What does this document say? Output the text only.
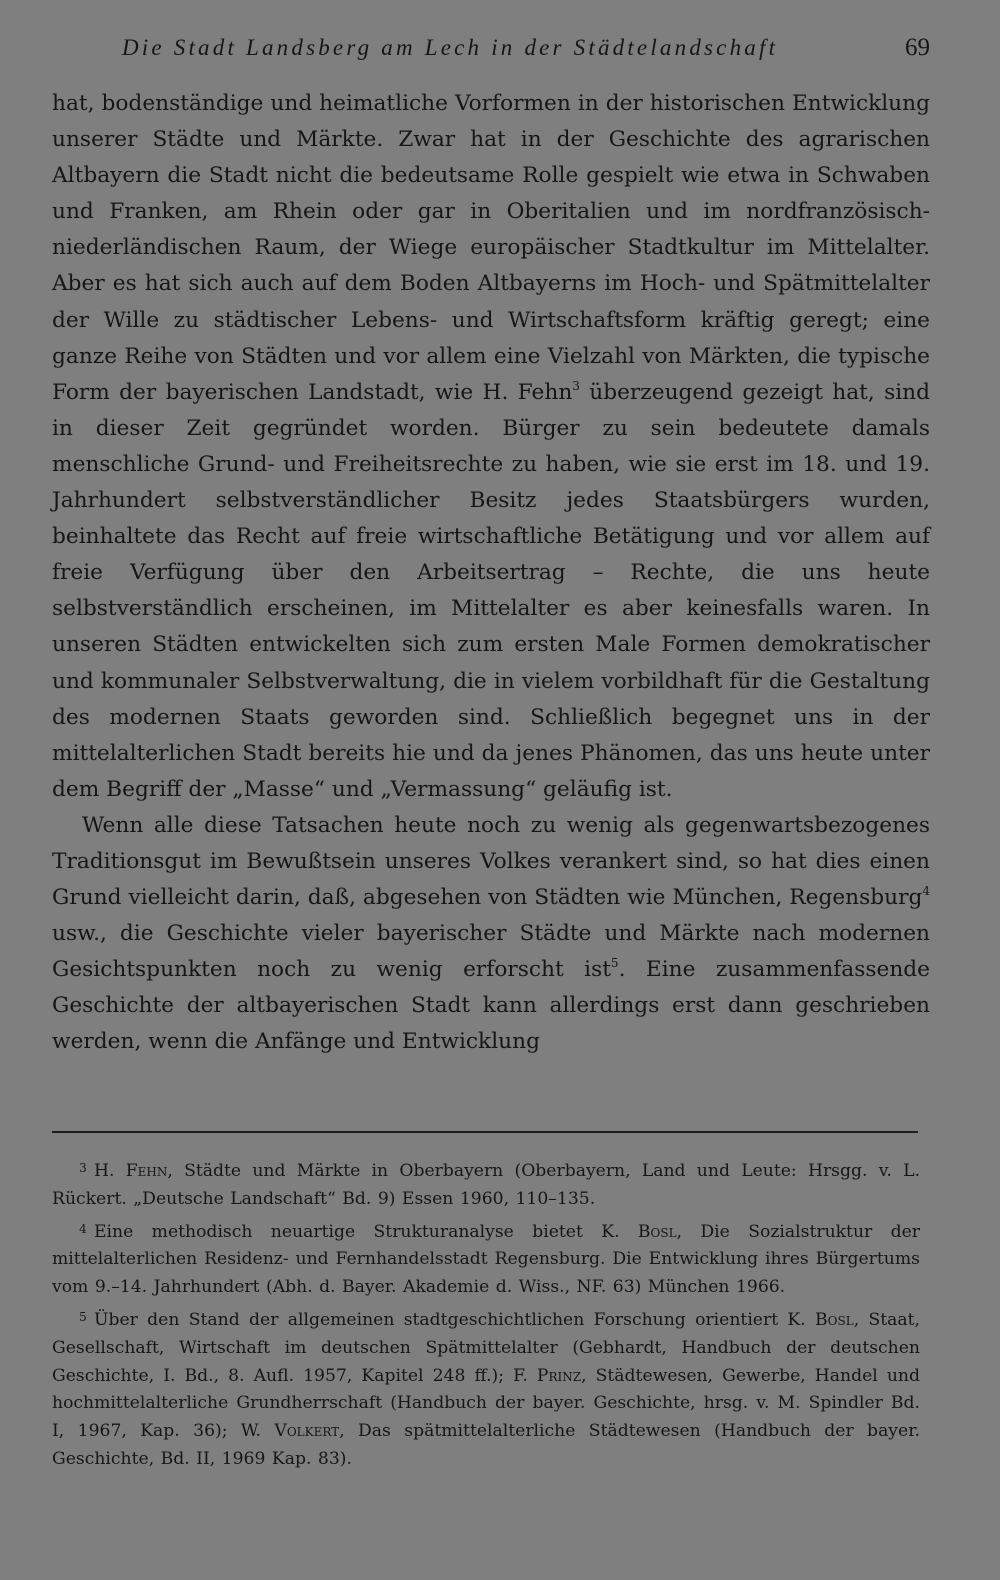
Die Stadt Landsberg am Lech in der Städtelandschaft	69

hat, bodenständige und heimatliche Vorformen in der historischen Entwicklung unserer Städte und Märkte. Zwar hat in der Geschichte des agrarischen Altbayern die Stadt nicht die bedeutsame Rolle gespielt wie etwa in Schwaben und Franken, am Rhein oder gar in Oberitalien und im nordfranzösisch-niederländischen Raum, der Wiege europäischer Stadtkultur im Mittelalter. Aber es hat sich auch auf dem Boden Altbayerns im Hoch- und Spätmittelalter der Wille zu städtischer Lebens- und Wirtschaftsform kräftig geregt; eine ganze Reihe von Städten und vor allem eine Vielzahl von Märkten, die typische Form der bayerischen Landstadt, wie H. Fehn$^3$ überzeugend gezeigt hat, sind in dieser Zeit gegründet worden. Bürger zu sein bedeutete damals menschliche Grund- und Freiheitsrechte zu haben, wie sie erst im 18. und 19. Jahrhundert selbstverständlicher Besitz jedes Staatsbürgers wurden, beinhaltete das Recht auf freie wirtschaftliche Betätigung und vor allem auf freie Verfügung über den Arbeitsertrag – Rechte, die uns heute selbstverständlich erscheinen, im Mittelalter es aber keinesfalls waren. In unseren Städten entwickelten sich zum ersten Male Formen demokratischer und kommunaler Selbstverwaltung, die in vielem vorbildhaft für die Gestaltung des modernen Staats geworden sind. Schließlich begegnet uns in der mittelalterlichen Stadt bereits hie und da jenes Phänomen, das uns heute unter dem Begriff der „Masse“ und „Vermassung“ geläufig ist.

Wenn alle diese Tatsachen heute noch zu wenig als gegenwartsbezogenes Traditionsgut im Bewußtsein unseres Volkes verankert sind, so hat dies einen Grund vielleicht darin, daß, abgesehen von Städten wie München, Regensburg$^4$ usw., die Geschichte vieler bayerischer Städte und Märkte nach modernen Gesichtspunkten noch zu wenig erforscht ist$^5$. Eine zusammenfassende Geschichte der altbayerischen Stadt kann allerdings erst dann geschrieben werden, wenn die Anfänge und Entwicklung

3 H. Fehn, Städte und Märkte in Oberbayern (Oberbayern, Land und Leute: Hrsgg. v. L. Rückert. „Deutsche Landschaft“ Bd. 9) Essen 1960, 110–135.

4 Eine methodisch neuartige Strukturanalyse bietet K. Bosl, Die Sozialstruktur der mittelalterlichen Residenz- und Fernhandelsstadt Regensburg. Die Entwicklung ihres Bürgertums vom 9.–14. Jahrhundert (Abh. d. Bayer. Akademie d. Wiss., NF. 63) München 1966.

5 Über den Stand der allgemeinen stadtgeschichtlichen Forschung orientiert K. Bosl, Staat, Gesellschaft, Wirtschaft im deutschen Spätmittelalter (Gebhardt, Handbuch der deutschen Geschichte, I. Bd., 8. Aufl. 1957, Kapitel 248 ff.); F. Prinz, Städtewesen, Gewerbe, Handel und hochmittelalterliche Grundherrschaft (Handbuch der bayer. Geschichte, hrsg. v. M. Spindler Bd. I, 1967, Kap. 36); W. Volkert, Das spätmittelalterliche Städtewesen (Handbuch der bayer. Geschichte, Bd. II, 1969 Kap. 83).
